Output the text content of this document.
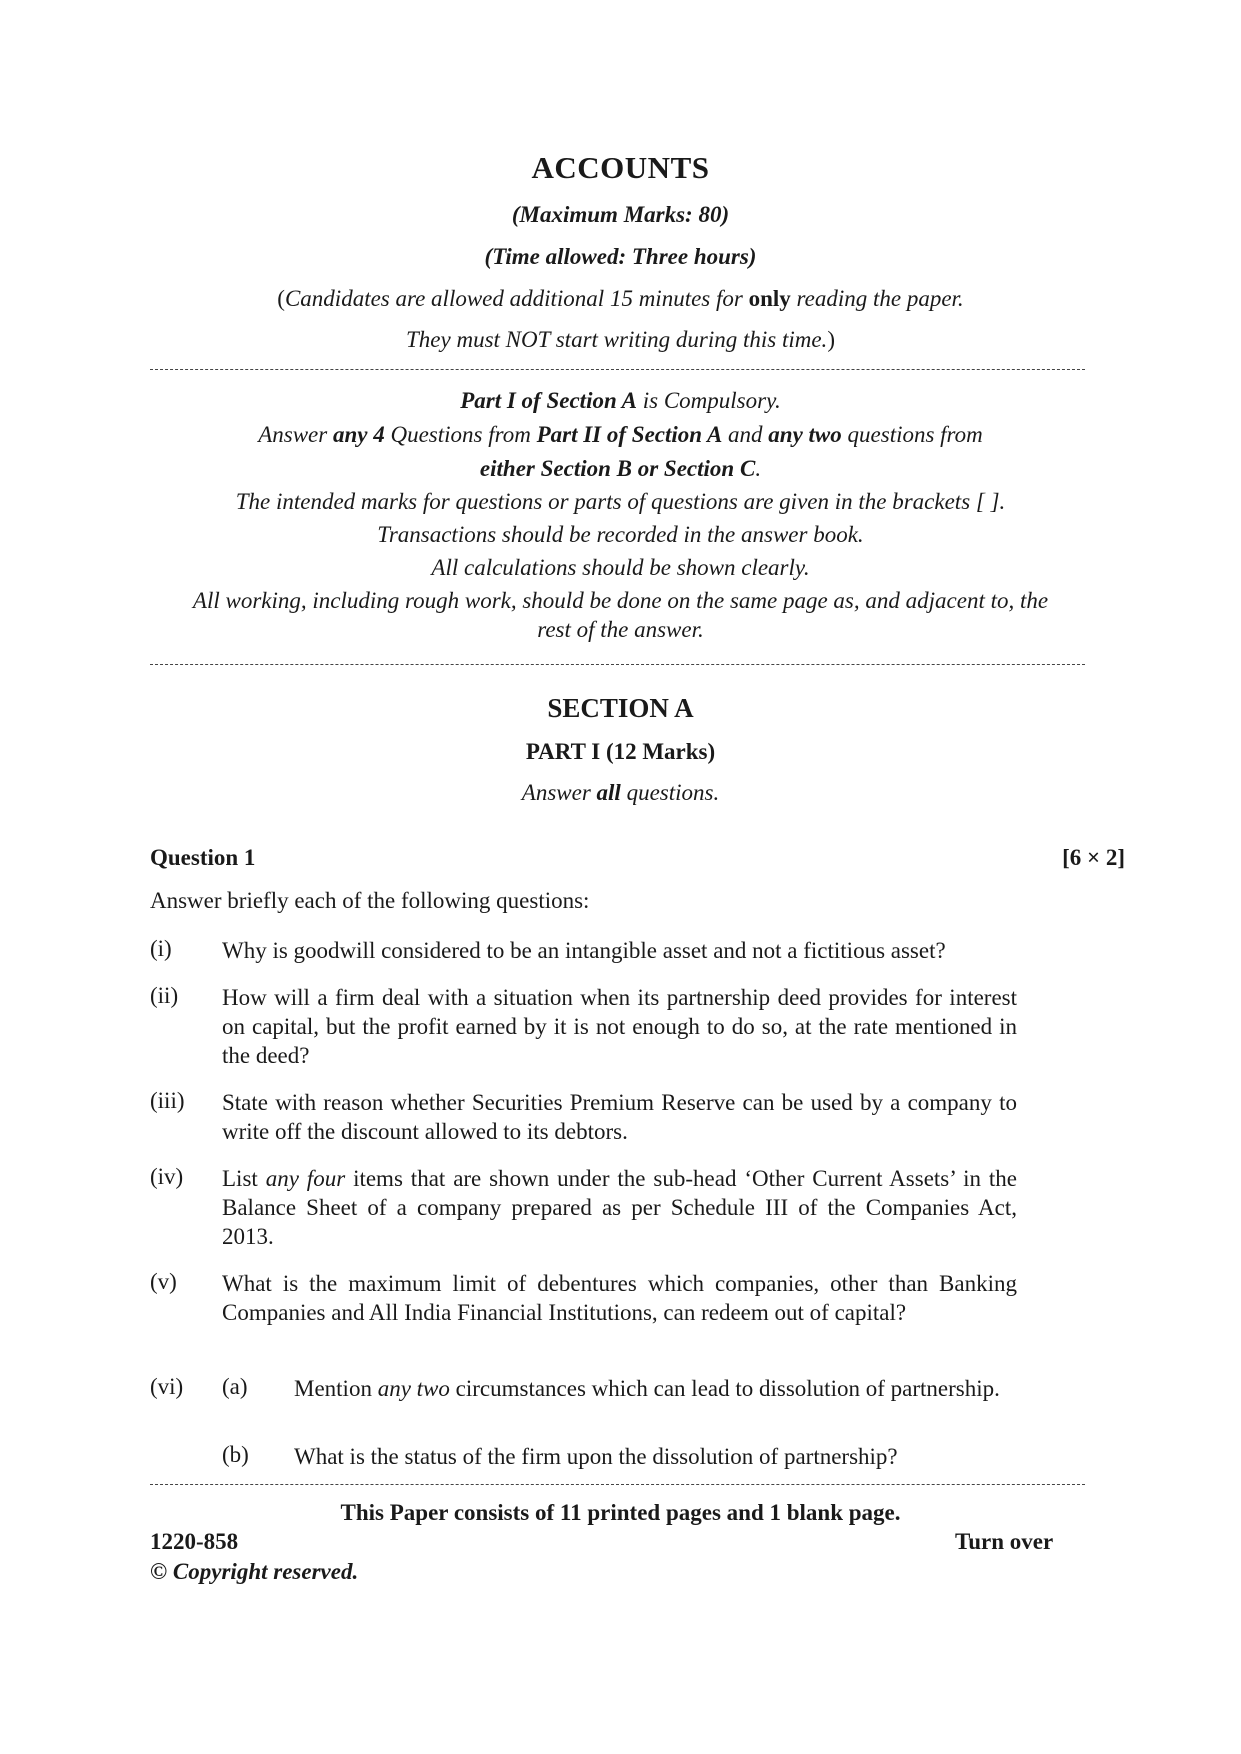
ACCOUNTS
(Maximum Marks: 80)
(Time allowed: Three hours)
(Candidates are allowed additional 15 minutes for only reading the paper.
They must NOT start writing during this time.)
Part I of Section A is Compulsory.
Answer any 4 Questions from Part II of Section A and any two questions from
either Section B or Section C.
The intended marks for questions or parts of questions are given in the brackets [ ].
Transactions should be recorded in the answer book.
All calculations should be shown clearly.
All working, including rough work, should be done on the same page as, and adjacent to, the
rest of the answer.
SECTION A
PART I (12 Marks)
Answer all questions.
Question 1	[6 × 2]
Answer briefly each of the following questions:
(i) Why is goodwill considered to be an intangible asset and not a fictitious asset?
(ii) How will a firm deal with a situation when its partnership deed provides for interest on capital, but the profit earned by it is not enough to do so, at the rate mentioned in the deed?
(iii) State with reason whether Securities Premium Reserve can be used by a company to write off the discount allowed to its debtors.
(iv) List any four items that are shown under the sub-head ‘Other Current Assets’ in the Balance Sheet of a company prepared as per Schedule III of the Companies Act, 2013.
(v) What is the maximum limit of debentures which companies, other than Banking Companies and All India Financial Institutions, can redeem out of capital?
(vi) (a) Mention any two circumstances which can lead to dissolution of partnership.
(b) What is the status of the firm upon the dissolution of partnership?
This Paper consists of 11 printed pages and 1 blank page.
1220-858	Turn over
© Copyright reserved.
